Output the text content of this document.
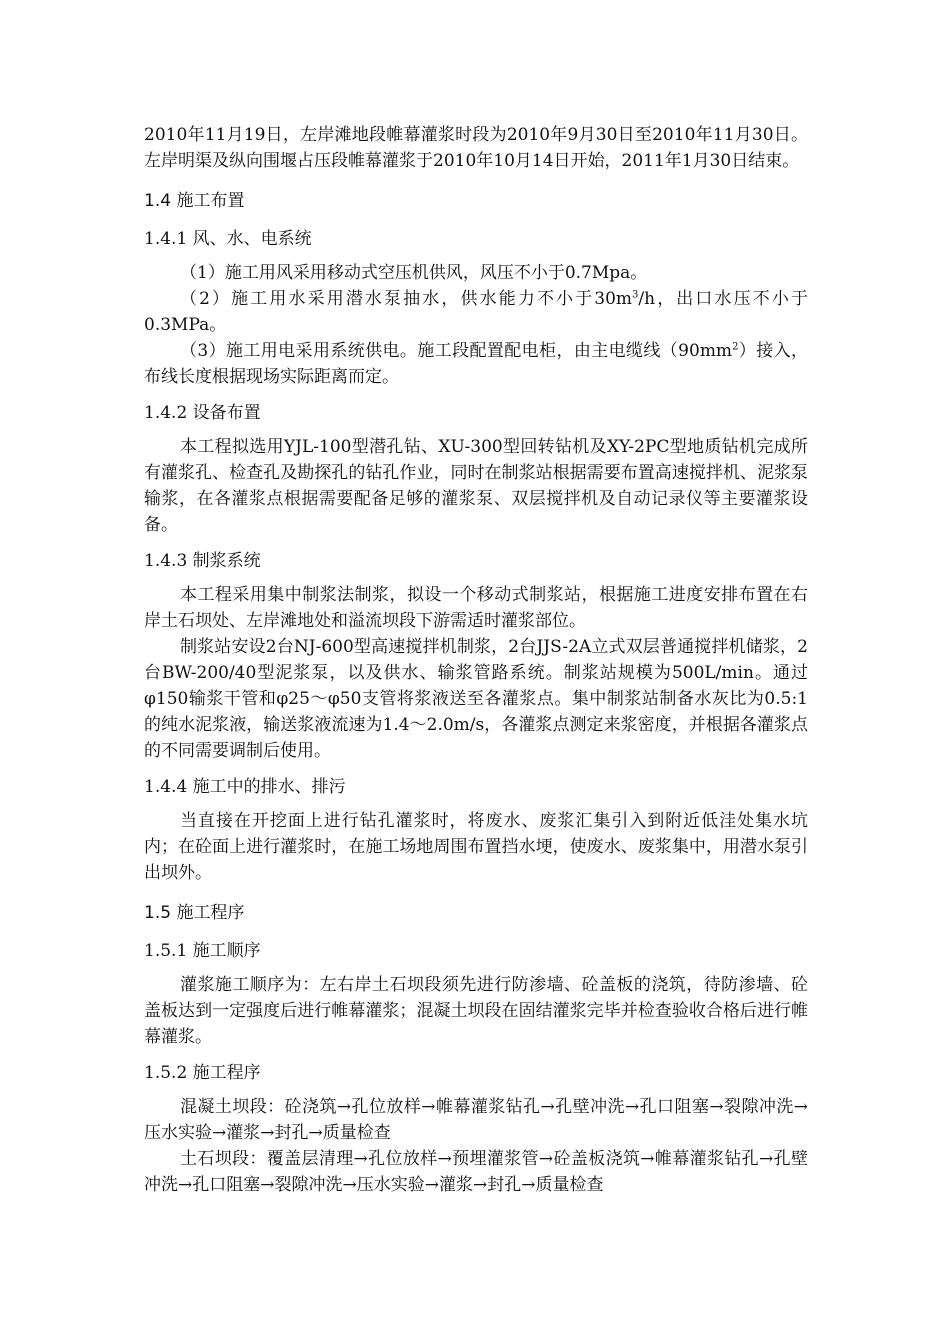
2010年11月19日，左岸滩地段帷幕灌浆时段为2010年9月30日至2010年11月30日。左岸明渠及纵向围堰占压段帷幕灌浆于2010年10月14日开始，2011年1月30日结束。

1.4 施工布置

1.4.1 风、水、电系统

（1）施工用风采用移动式空压机供风，风压不小于0.7Mpa。

（2）施工用水采用潜水泵抽水，供水能力不小于$30m^3/h$，出口水压不小于0.3MPa。

（3）施工用电采用系统供电。施工段配置配电柜，由主电缆线$(90mm^2)$接入，布线长度根据现场实际距离而定。

1.4.2 设备布置

本工程拟选用YJL-100型潜孔钻、XU-300型回转钻机及XY-2PC型地质钻机完成所有灌浆孔、检查孔及勘探孔的钻孔作业，同时在制浆站根据需要布置高速搅拌机、泥浆泵输浆，在各灌浆点根据需要配备足够的灌浆泵、双层搅拌机及自动记录仪等主要灌浆设备。

1.4.3 制浆系统

本工程采用集中制浆法制浆，拟设一个移动式制浆站，根据施工进度安排布置在右岸土石坝处、左岸滩地处和溢流坝段下游需适时灌浆部位。

制浆站安设2台NJ-600型高速搅拌机制浆，2台JJS-2A立式双层普通搅拌机储浆，2台BW-200/40型泥浆泵，以及供水、输浆管路系统。制浆站规模为500L/min。通过φ150输浆干管和φ25～φ50支管将浆液送至各灌浆点。集中制浆站制备水灰比为0.5:1的纯水泥浆液，输送浆液流速为1.4～2.0m/s，各灌浆点测定来浆密度，并根据各灌浆点的不同需要调制后使用。

1.4.4 施工中的排水、排污

当直接在开挖面上进行钻孔灌浆时，将废水、废浆汇集引入到附近低洼处集水坑内；在砼面上进行灌浆时，在施工场地周围布置挡水埂，使废水、废浆集中，用潜水泵引出坝外。

1.5 施工程序

1.5.1 施工顺序

灌浆施工顺序为：左右岸土石坝段须先进行防渗墙、砼盖板的浇筑，待防渗墙、砼盖板达到一定强度后进行帷幕灌浆；混凝土坝段在固结灌浆完毕并检查验收合格后进行帷幕灌浆。

1.5.2 施工程序

混凝土坝段：砼浇筑→孔位放样→帷幕灌浆钻孔→孔壁冲洗→孔口阻塞→裂隙冲洗→压水实验→灌浆→封孔→质量检查

土石坝段：覆盖层清理→孔位放样→预埋灌浆管→砼盖板浇筑→帷幕灌浆钻孔→孔壁冲洗→孔口阻塞→裂隙冲洗→压水实验→灌浆→封孔→质量检查
